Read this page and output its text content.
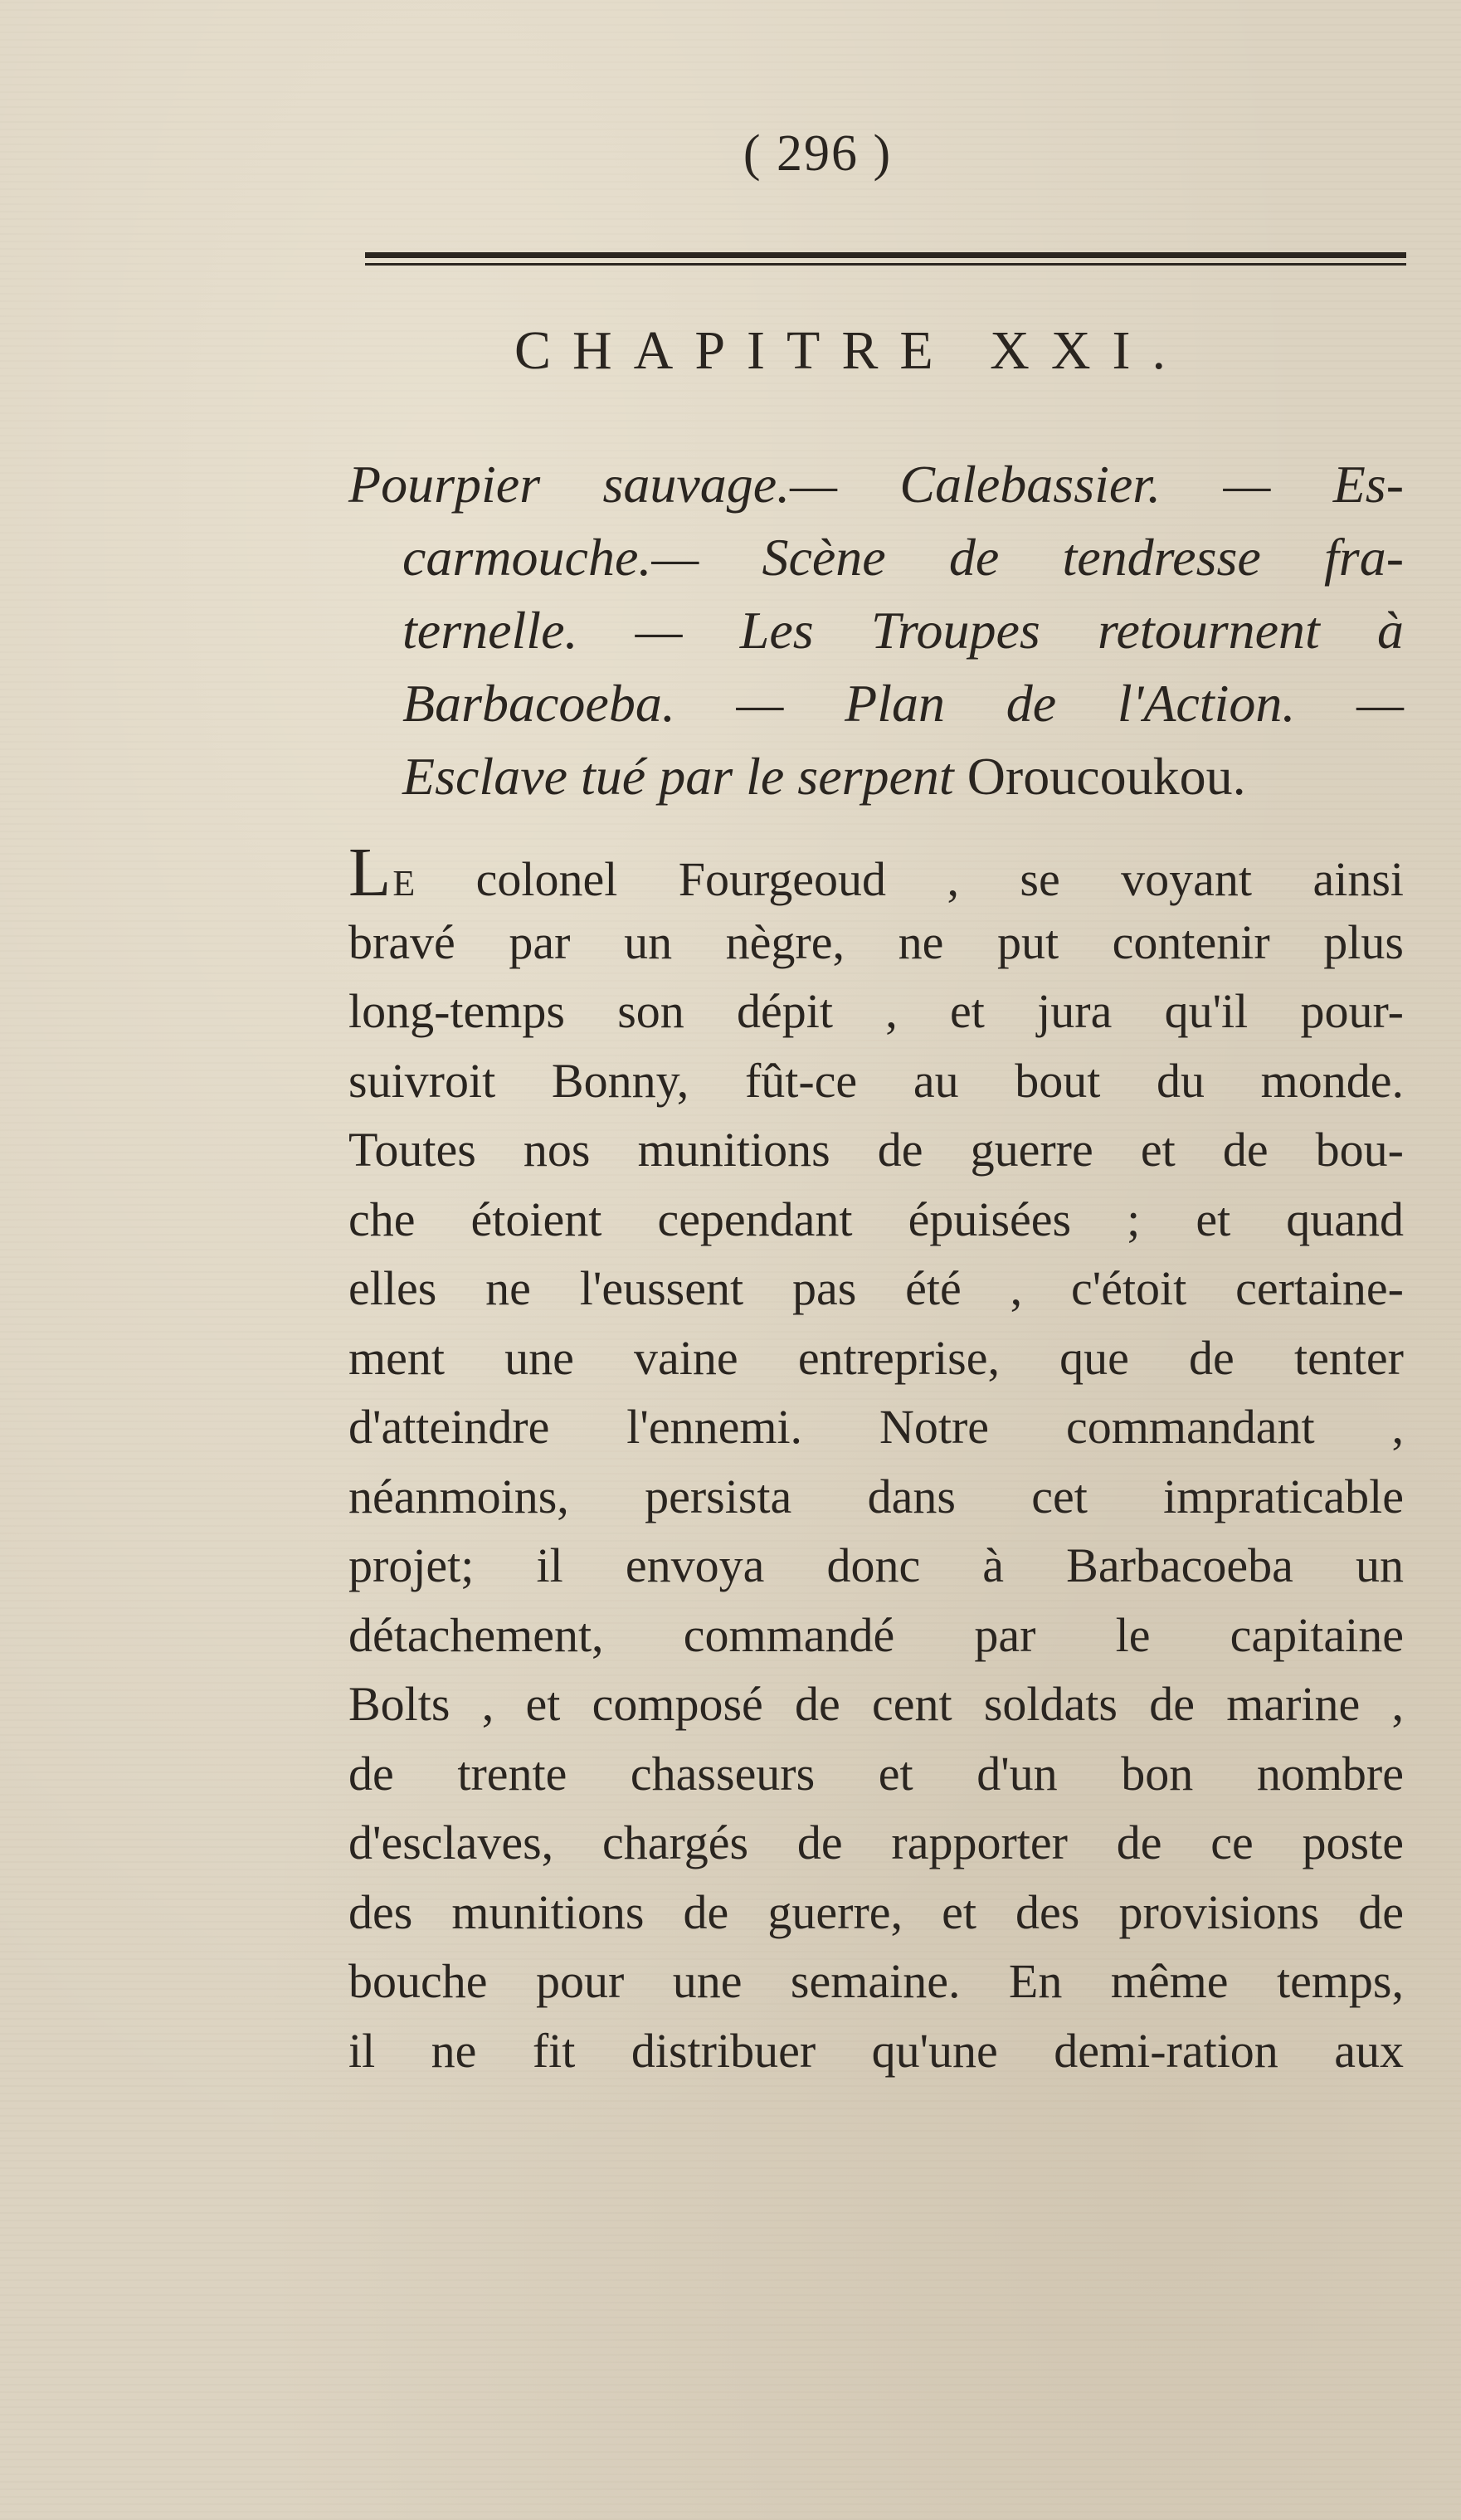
( 296 )
CHAPITRE XXI.
Pourpier sauvage.— Calebassier. — Es-
carmouche.— Scène de tendresse fra-
ternelle. — Les Troupes retournent à
Barbacoeba. — Plan de l'Action. —
Esclave tué par le serpent Oroucoukou.
LE colonel Fourgeoud , se voyant ainsi
bravé par un nègre, ne put contenir plus
long-temps son dépit , et jura qu'il pour-
suivroit Bonny, fût-ce au bout du monde.
Toutes nos munitions de guerre et de bou-
che étoient cependant épuisées ; et quand
elles ne l'eussent pas été , c'étoit certaine-
ment une vaine entreprise, que de tenter
d'atteindre l'ennemi. Notre commandant ,
néanmoins, persista dans cet impraticable
projet; il envoya donc à Barbacoeba un
détachement, commandé par le capitaine
Bolts , et composé de cent soldats de marine ,
de trente chasseurs et d'un bon nombre
d'esclaves, chargés de rapporter de ce poste
des munitions de guerre, et des provisions de
bouche pour une semaine. En même temps,
il ne fit distribuer qu'une demi-ration aux
